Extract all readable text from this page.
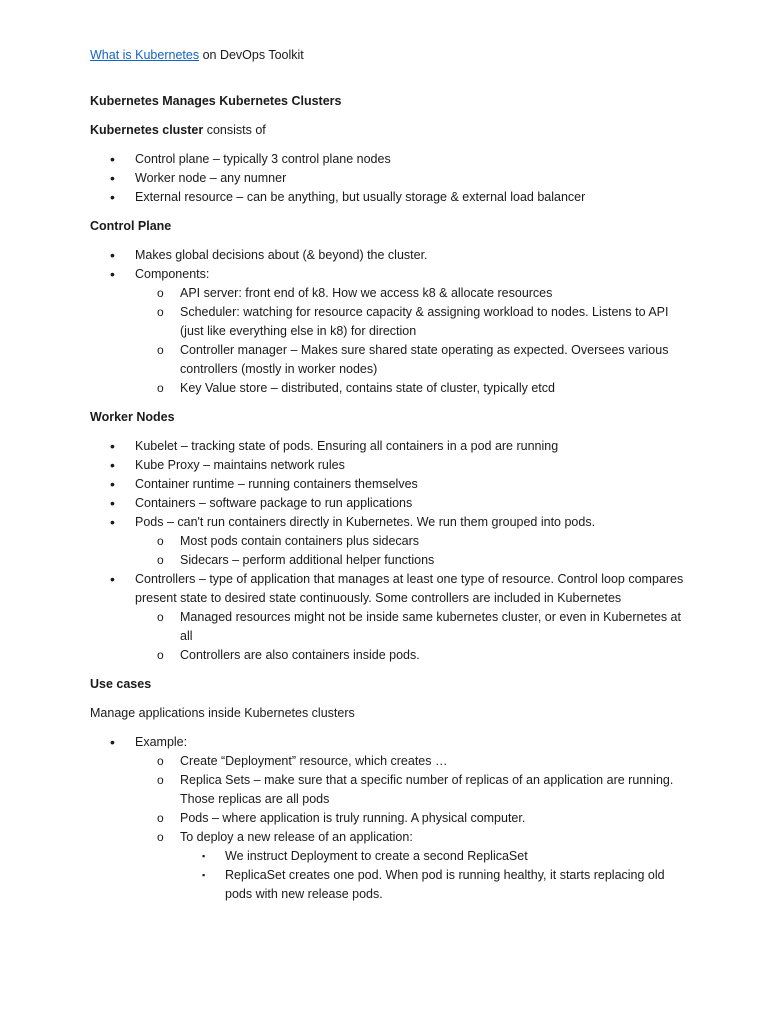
What is Kubernetes on DevOps Toolkit
Kubernetes Manages Kubernetes Clusters
Kubernetes cluster consists of
• Control plane – typically 3 control plane nodes
• Worker node – any numner
• External resource – can be anything, but usually storage & external load balancer
Control Plane
• Makes global decisions about (& beyond) the cluster.
• Components:
o API server: front end of k8. How we access k8 & allocate resources
o Scheduler: watching for resource capacity & assigning workload to nodes. Listens to API (just like everything else in k8) for direction
o Controller manager – Makes sure shared state operating as expected. Oversees various controllers (mostly in worker nodes)
o Key Value store – distributed, contains state of cluster, typically etcd
Worker Nodes
• Kubelet – tracking state of pods. Ensuring all containers in a pod are running
• Kube Proxy – maintains network rules
• Container runtime – running containers themselves
• Containers – software package to run applications
• Pods – can't run containers directly in Kubernetes. We run them grouped into pods.
o Most pods contain containers plus sidecars
o Sidecars – perform additional helper functions
• Controllers – type of application that manages at least one type of resource. Control loop compares present state to desired state continuously. Some controllers are included in Kubernetes
o Managed resources might not be inside same kubernetes cluster, or even in Kubernetes at all
o Controllers are also containers inside pods.
Use cases
Manage applications inside Kubernetes clusters
• Example:
o Create “Deployment” resource, which creates …
o Replica Sets – make sure that a specific number of replicas of an application are running. Those replicas are all pods
o Pods – where application is truly running. A physical computer.
o To deploy a new release of an application:
▪ We instruct Deployment to create a second ReplicaSet
▪ ReplicaSet creates one pod. When pod is running healthy, it starts replacing old pods with new release pods.
